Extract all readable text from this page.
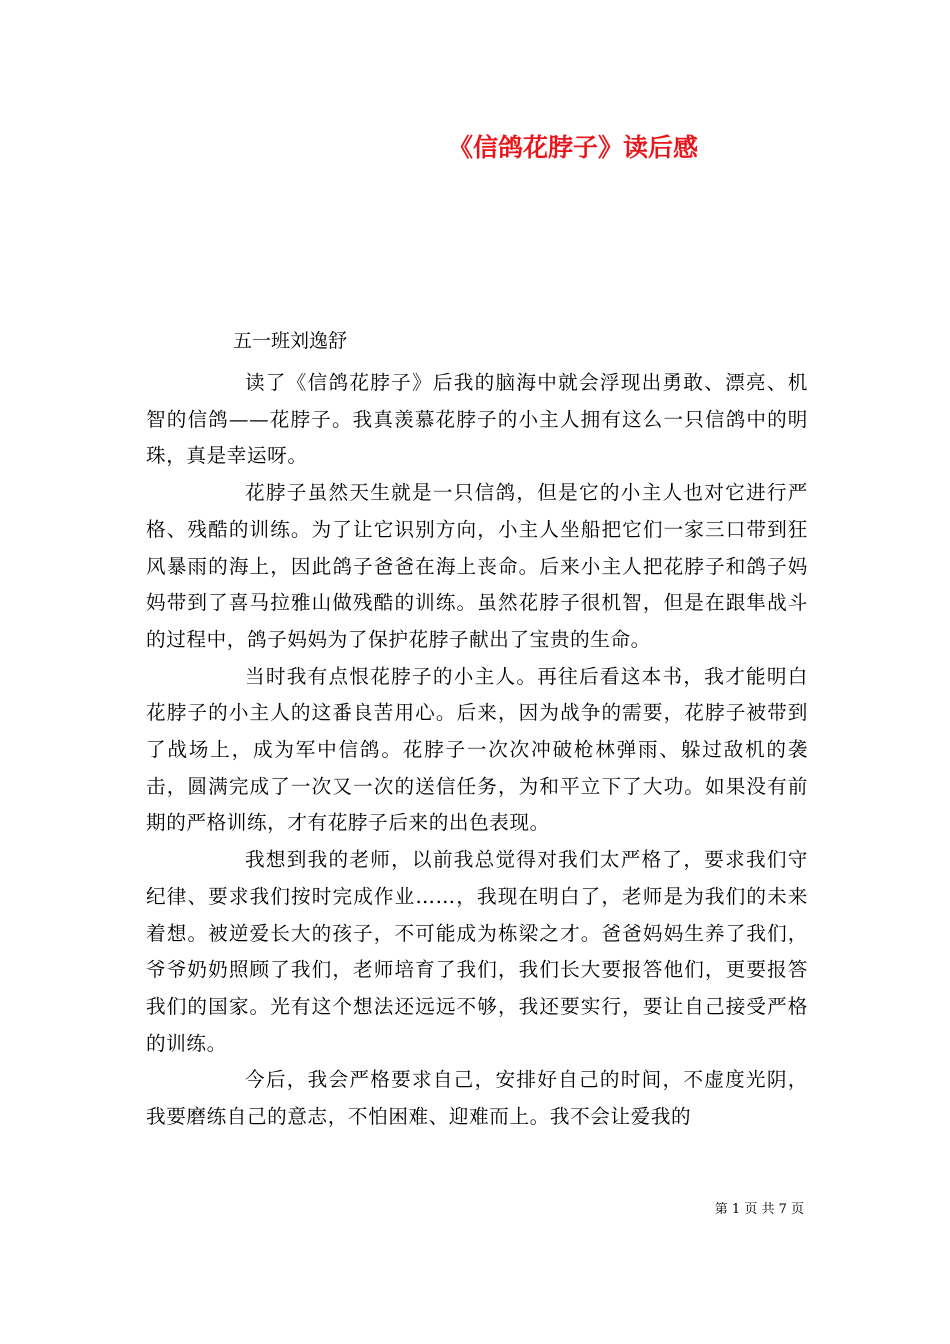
《信鸽花脖子》读后感
五一班刘逸舒

读了《信鸽花脖子》后我的脑海中就会浮现出勇敢、漂亮、机智的信鸽——花脖子。我真羡慕花脖子的小主人拥有这么一只信鸽中的明珠，真是幸运呀。

花脖子虽然天生就是一只信鸽，但是它的小主人也对它进行严格、残酷的训练。为了让它识别方向，小主人坐船把它们一家三口带到狂风暴雨的海上，因此鸽子爸爸在海上丧命。后来小主人把花脖子和鸽子妈妈带到了喜马拉雅山做残酷的训练。虽然花脖子很机智，但是在跟隼战斗的过程中，鸽子妈妈为了保护花脖子献出了宝贵的生命。

当时我有点恨花脖子的小主人。再往后看这本书，我才能明白花脖子的小主人的这番良苦用心。后来，因为战争的需要，花脖子被带到了战场上，成为军中信鸽。花脖子一次次冲破枪林弹雨、躲过敌机的袭击，圆满完成了一次又一次的送信任务，为和平立下了大功。如果没有前期的严格训练，才有花脖子后来的出色表现。

我想到我的老师，以前我总觉得对我们太严格了，要求我们守纪律、要求我们按时完成作业……，我现在明白了，老师是为我们的未来着想。被逆爱长大的孩子，不可能成为栋梁之才。爸爸妈妈生养了我们，爷爷奶奶照顾了我们，老师培育了我们，我们长大要报答他们，更要报答我们的国家。光有这个想法还远远不够，我还要实行，要让自己接受严格的训练。

今后，我会严格要求自己，安排好自己的时间，不虚度光阴，我要磨练自己的意志，不怕困难、迎难而上。我不会让爱我的

第 1 页 共 7 页
